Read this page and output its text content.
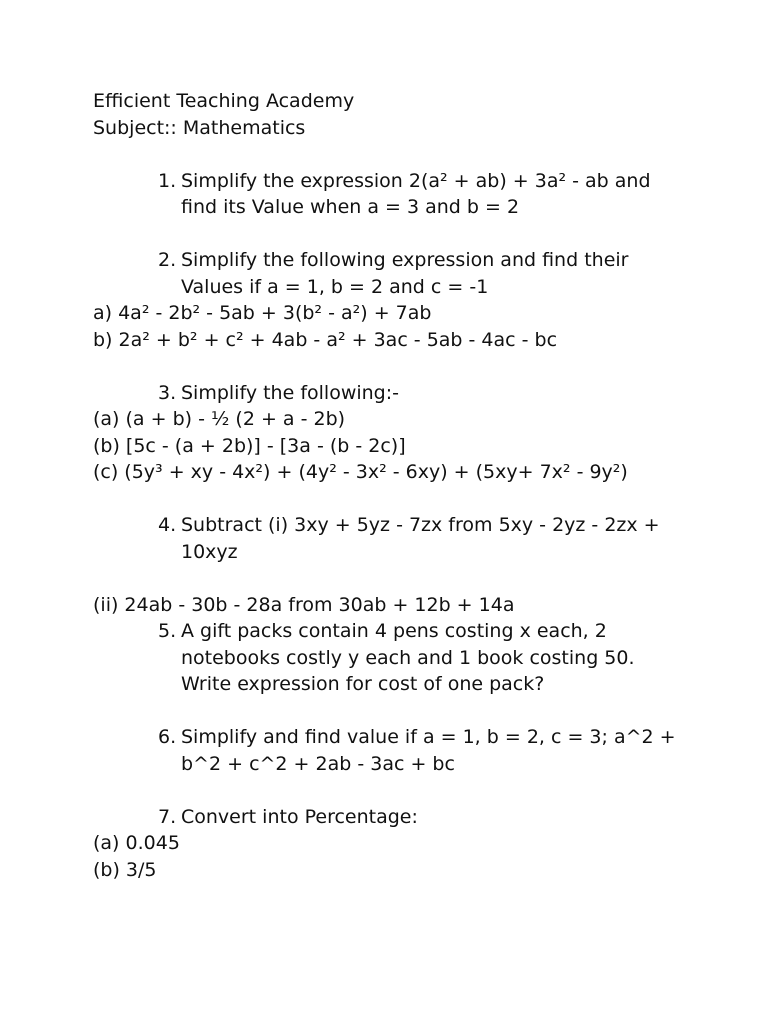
Efficient Teaching Academy
Subject:: Mathematics
1. Simplify the expression 2(a² + ab) + 3a² - ab and
find its Value when a = 3 and b = 2
2. Simplify the following expression and find their
Values if a = 1, b = 2 and c = -1
a) 4a² - 2b² - 5ab + 3(b² - a²) + 7ab
b) 2a² + b² + c² + 4ab - a² + 3ac - 5ab - 4ac - bc
3. Simplify the following:-
(a) (a + b) - ½ (2 + a - 2b)
(b) [5c - (a + 2b)] - [3a - (b - 2c)]
(c) (5y³ + xy - 4x²) + (4y² - 3x² - 6xy) + (5xy+ 7x² - 9y²)
4. Subtract (i) 3xy + 5yz - 7zx from 5xy - 2yz - 2zx +
10xyz
(ii) 24ab - 30b - 28a from 30ab + 12b + 14a
5. A gift packs contain 4 pens costing x each, 2
notebooks costly y each and 1 book costing 50.
Write expression for cost of one pack?
6. Simplify and find value if a = 1, b = 2, c = 3; a^2 +
b^2 + c^2 + 2ab - 3ac + bc
7. Convert into Percentage:
(a) 0.045
(b) 3/5
